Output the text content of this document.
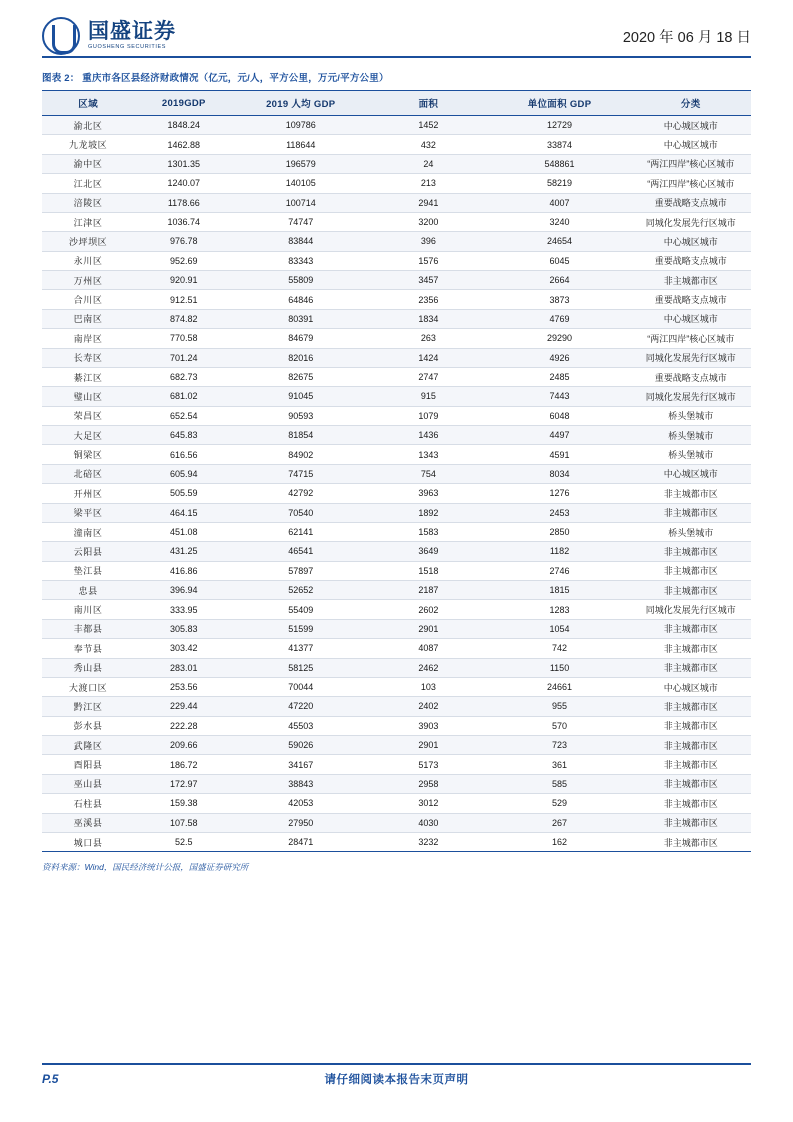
国盛证券
GUOSHENG SECURITIES
2020 年 06 月 18 日
图表 2： 重庆市各区县经济财政情况（亿元，元/人，平方公里，万元/平方公里）
区域	2019GDP	2019 人均 GDP	面积	单位面积 GDP	分类
渝北区	1848.24	109786	1452	12729	中心城区城市
九龙坡区	1462.88	118644	432	33874	中心城区城市
渝中区	1301.35	196579	24	548861	“两江四岸”核心区城市
江北区	1240.07	140105	213	58219	“两江四岸”核心区城市
涪陵区	1178.66	100714	2941	4007	重要战略支点城市
江津区	1036.74	74747	3200	3240	同城化发展先行区城市
沙坪坝区	976.78	83844	396	24654	中心城区城市
永川区	952.69	83343	1576	6045	重要战略支点城市
万州区	920.91	55809	3457	2664	非主城都市区
合川区	912.51	64846	2356	3873	重要战略支点城市
巴南区	874.82	80391	1834	4769	中心城区城市
南岸区	770.58	84679	263	29290	“两江四岸”核心区城市
长寿区	701.24	82016	1424	4926	同城化发展先行区城市
綦江区	682.73	82675	2747	2485	重要战略支点城市
璧山区	681.02	91045	915	7443	同城化发展先行区城市
荣昌区	652.54	90593	1079	6048	桥头堡城市
大足区	645.83	81854	1436	4497	桥头堡城市
铜梁区	616.56	84902	1343	4591	桥头堡城市
北碚区	605.94	74715	754	8034	中心城区城市
开州区	505.59	42792	3963	1276	非主城都市区
梁平区	464.15	70540	1892	2453	非主城都市区
潼南区	451.08	62141	1583	2850	桥头堡城市
云阳县	431.25	46541	3649	1182	非主城都市区
垫江县	416.86	57897	1518	2746	非主城都市区
忠县	396.94	52652	2187	1815	非主城都市区
南川区	333.95	55409	2602	1283	同城化发展先行区城市
丰都县	305.83	51599	2901	1054	非主城都市区
奉节县	303.42	41377	4087	742	非主城都市区
秀山县	283.01	58125	2462	1150	非主城都市区
大渡口区	253.56	70044	103	24661	中心城区城市
黔江区	229.44	47220	2402	955	非主城都市区
彭水县	222.28	45503	3903	570	非主城都市区
武隆区	209.66	59026	2901	723	非主城都市区
酉阳县	186.72	34167	5173	361	非主城都市区
巫山县	172.97	38843	2958	585	非主城都市区
石柱县	159.38	42053	3012	529	非主城都市区
巫溪县	107.58	27950	4030	267	非主城都市区
城口县	52.5	28471	3232	162	非主城都市区
资料来源：Wind，国民经济统计公报，国盛证券研究所
P.5	请仔细阅读本报告末页声明
